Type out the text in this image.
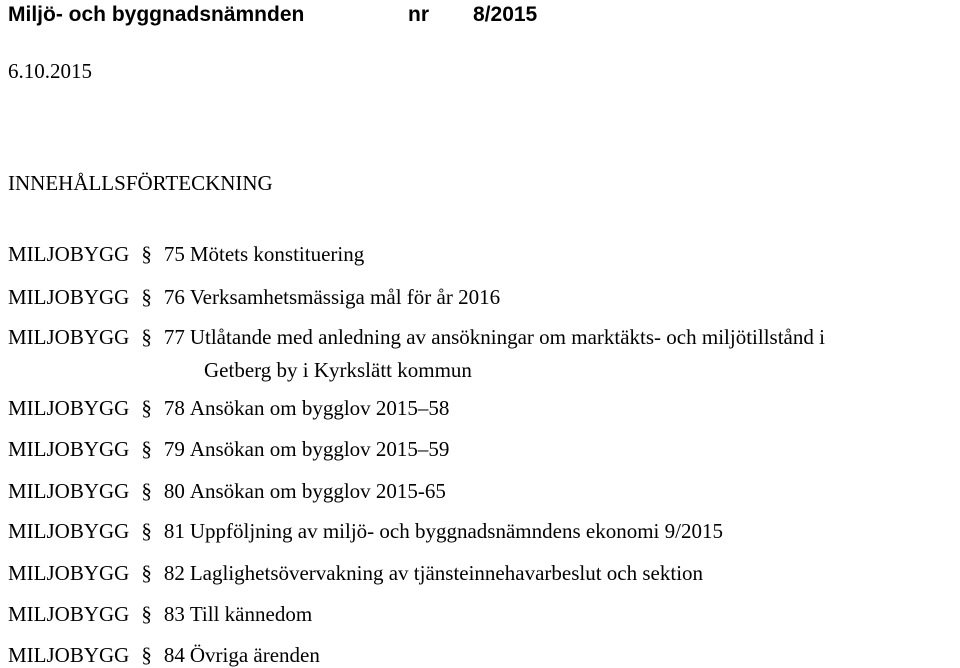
Miljö- och byggnadsnämnden	nr 8/2015
6.10.2015
INNEHÅLLSFÖRTECKNING
MILJOBYGG § 75 Mötets konstituering
MILJOBYGG § 76 Verksamhetsmässiga mål för år 2016
MILJOBYGG § 77 Utlåtande med anledning av ansökningar om marktäkts- och miljötillstånd i
Getberg by i Kyrkslätt kommun
MILJOBYGG § 78 Ansökan om bygglov 2015–58
MILJOBYGG § 79 Ansökan om bygglov 2015–59
MILJOBYGG § 80 Ansökan om bygglov 2015-65
MILJOBYGG § 81 Uppföljning av miljö- och byggnadsnämndens ekonomi 9/2015
MILJOBYGG § 82 Laglighetsövervakning av tjänsteinnehavarbeslut och sektion
MILJOBYGG § 83 Till kännedom
MILJOBYGG § 84 Övriga ärenden
